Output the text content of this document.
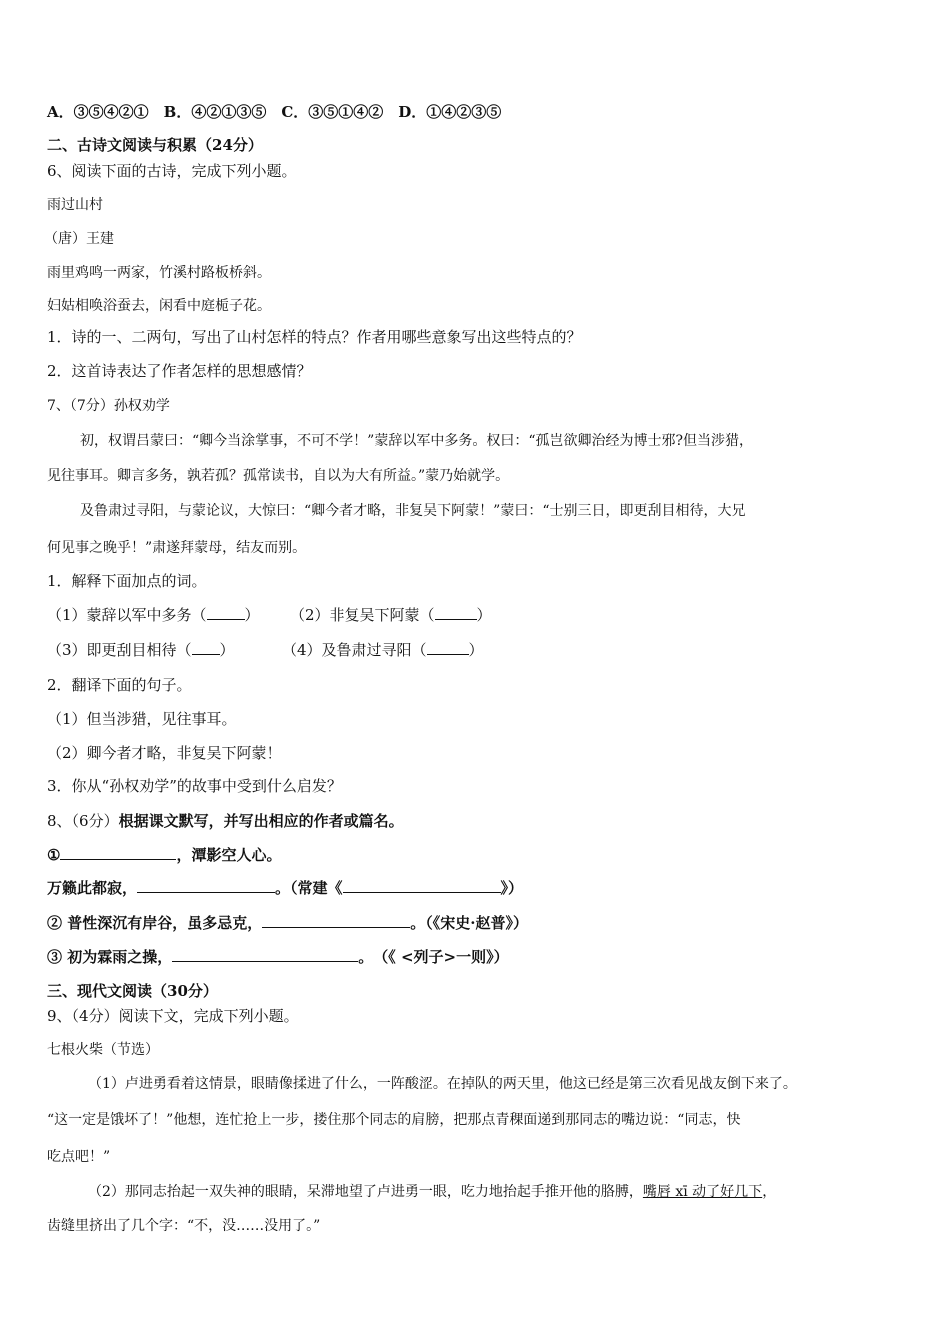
A．③⑤④②①　B．④②①③⑤　C．③⑤①④②　D．①④②③⑤
二、古诗文阅读与积累（24分）
6、阅读下面的古诗，完成下列小题。
雨过山村
（唐）王建
雨里鸡鸣一两家，竹溪村路板桥斜。
妇姑相唤浴蚕去，闲看中庭栀子花。
1．诗的一、二两句，写出了山村怎样的特点？作者用哪些意象写出这些特点的？
2．这首诗表达了作者怎样的思想感情？
7、（7分）孙权劝学
初，权谓吕蒙曰：“卿今当涂掌事，不可不学！”蒙辞以军中多务。权曰：“孤岂欲卿治经为博士邪?但当涉猎，
见往事耳。卿言多务，孰若孤？孤常读书，自以为大有所益。”蒙乃始就学。
及鲁肃过寻阳，与蒙论议，大惊曰：“卿今者才略，非复吴下阿蒙！”蒙曰：“士别三日，即更刮目相待，大兄
何见事之晚乎！”肃遂拜蒙母，结友而别。
1．解释下面加点的词。
（1）蒙辞以军中多务（	） （2）非复吴下阿蒙（	）
（3）即更刮目相待（ ）	（4）及鲁肃过寻阳（	）
2．翻译下面的句子。
（1）但当涉猎，见往事耳。
（2）卿今者才略，非复吴下阿蒙！
3．你从“孙权劝学”的故事中受到什么启发？
8、（6分）根据课文默写，并写出相应的作者或篇名。
①	，潭影空人心。
万籁此都寂，	。（常建《	》）
② 普性深沉有岸谷，虽多忌克，	。（《宋史·赵普》）
③ 初为霖雨之操，	。　（《 <列子>一则》）
三、现代文阅读（30分）
9、（4分）阅读下文，完成下列小题。
七根火柴（节选）
（1）卢进勇看着这情景，眼睛像揉进了什么，一阵酸涩。在掉队的两天里，他这已经是第三次看见战友倒下来了。
“这一定是饿坏了！”他想，连忙抢上一步，搂住那个同志的肩膀，把那点青稞面递到那同志的嘴边说：“同志，快
吃点吧！”
（2）那同志抬起一双失神的眼睛，呆滞地望了卢进勇一眼，吃力地抬起手推开他的胳膊，嘴唇 xī 动了好几下，
齿缝里挤出了几个字：“不，没……没用了。”
